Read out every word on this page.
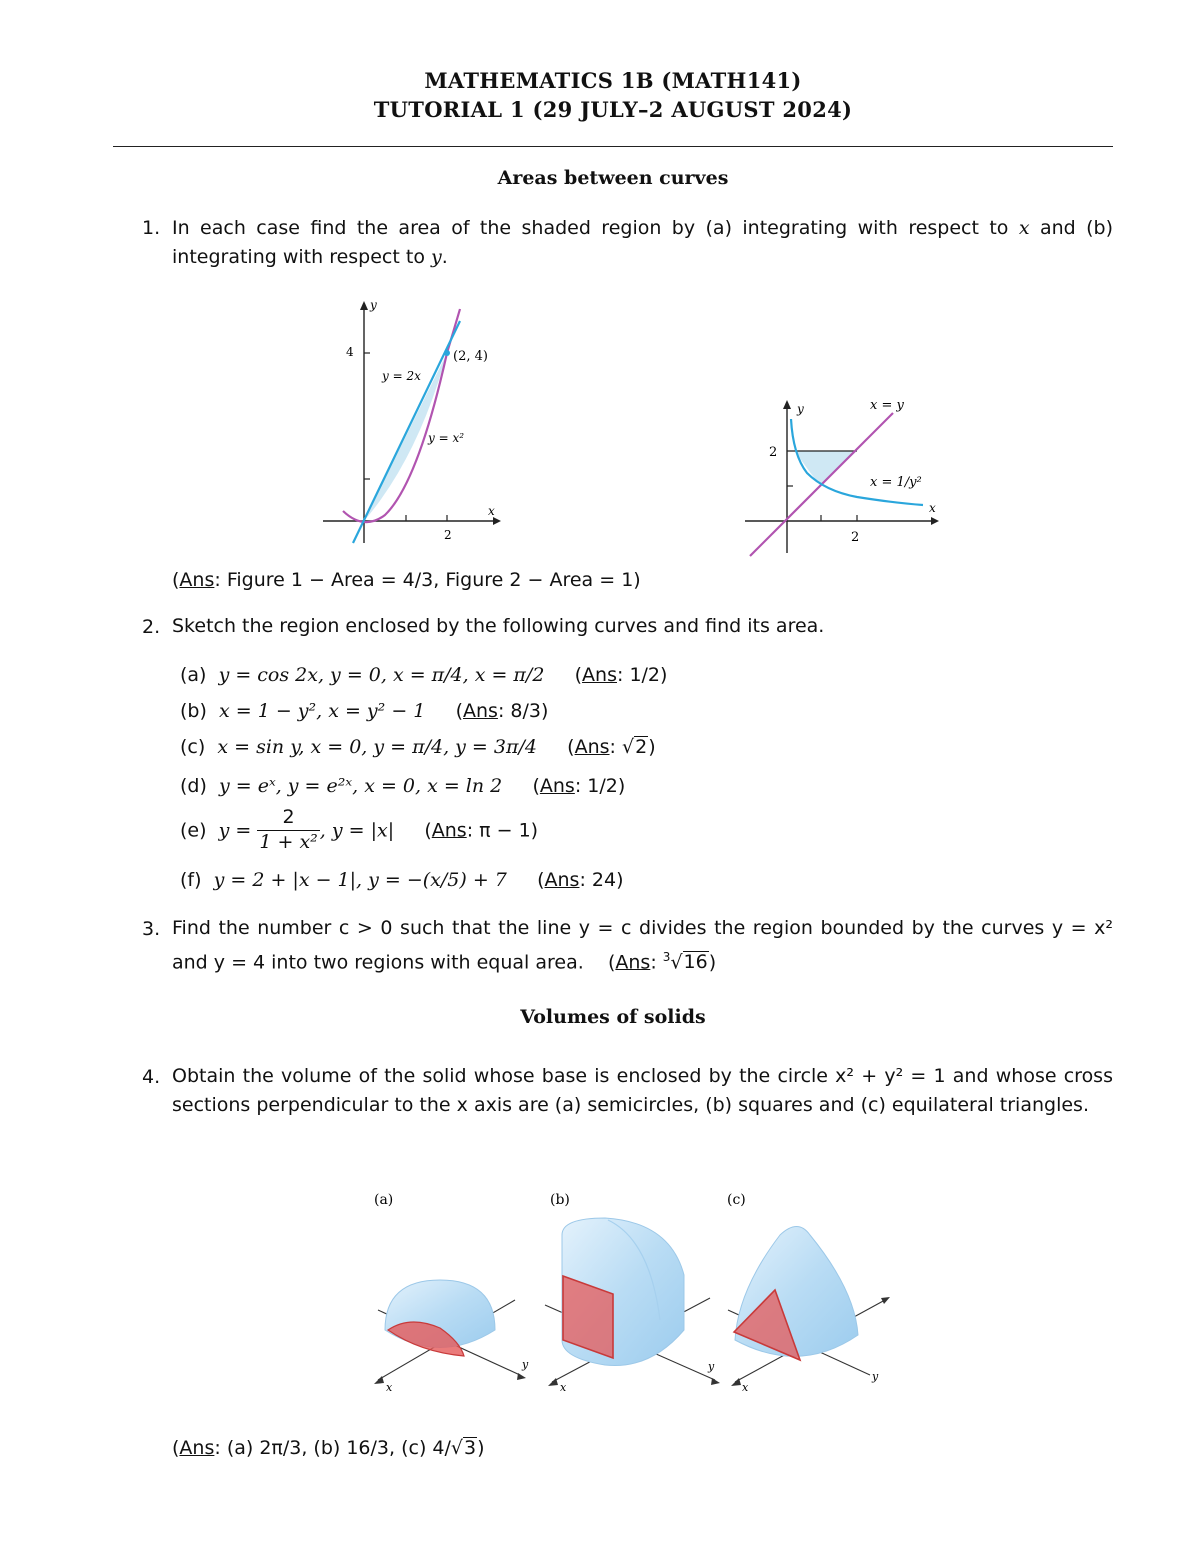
MATHEMATICS 1B (MATH141)
TUTORIAL 1 (29 JULY–2 AUGUST 2024)
Areas between curves
1. In each case find the area of the shaded region by (a) integrating with respect to x and (b) integrating with respect to y.
y
x
4
2
(2, 4)
y = 2x
y = x²
y
x
2
2
x = y
x = 1/y²
(Ans: Figure 1 − Area = 4/3, Figure 2 − Area = 1)
2. Sketch the region enclosed by the following curves and find its area.
(a) y = cos 2x, y = 0, x = π/4, x = π/2 (Ans: 1/2)
(b) x = 1 − y², x = y² − 1 (Ans: 8/3)
(c) x = sin y, x = 0, y = π/4, y = 3π/4 (Ans: √2)
(d) y = eˣ, y = e²ˣ, x = 0, x = ln 2 (Ans: 1/2)
(e) $y = \frac{2}{\text{1 + x²}}$ , y = |x| (Ans: π − 1)
(f) y = 2 + |x − 1|, y = −(x/5) + 7 (Ans: 24)
3. Find the number c > 0 such that the line y = c divides the region bounded by the curves y = x² and y = 4 into two regions with equal area. (Ans: $^3$√16)
Volumes of solids
4. Obtain the volume of the solid whose base is enclosed by the circle x² + y² = 1 and whose cross sections perpendicular to the x axis are (a) semicircles, (b) squares and (c) equilateral triangles.
(a)
x
y
(b)
x
y
(c)
x
y
(Ans: (a) 2π/3, (b) 16/3, (c) 4/√3)
